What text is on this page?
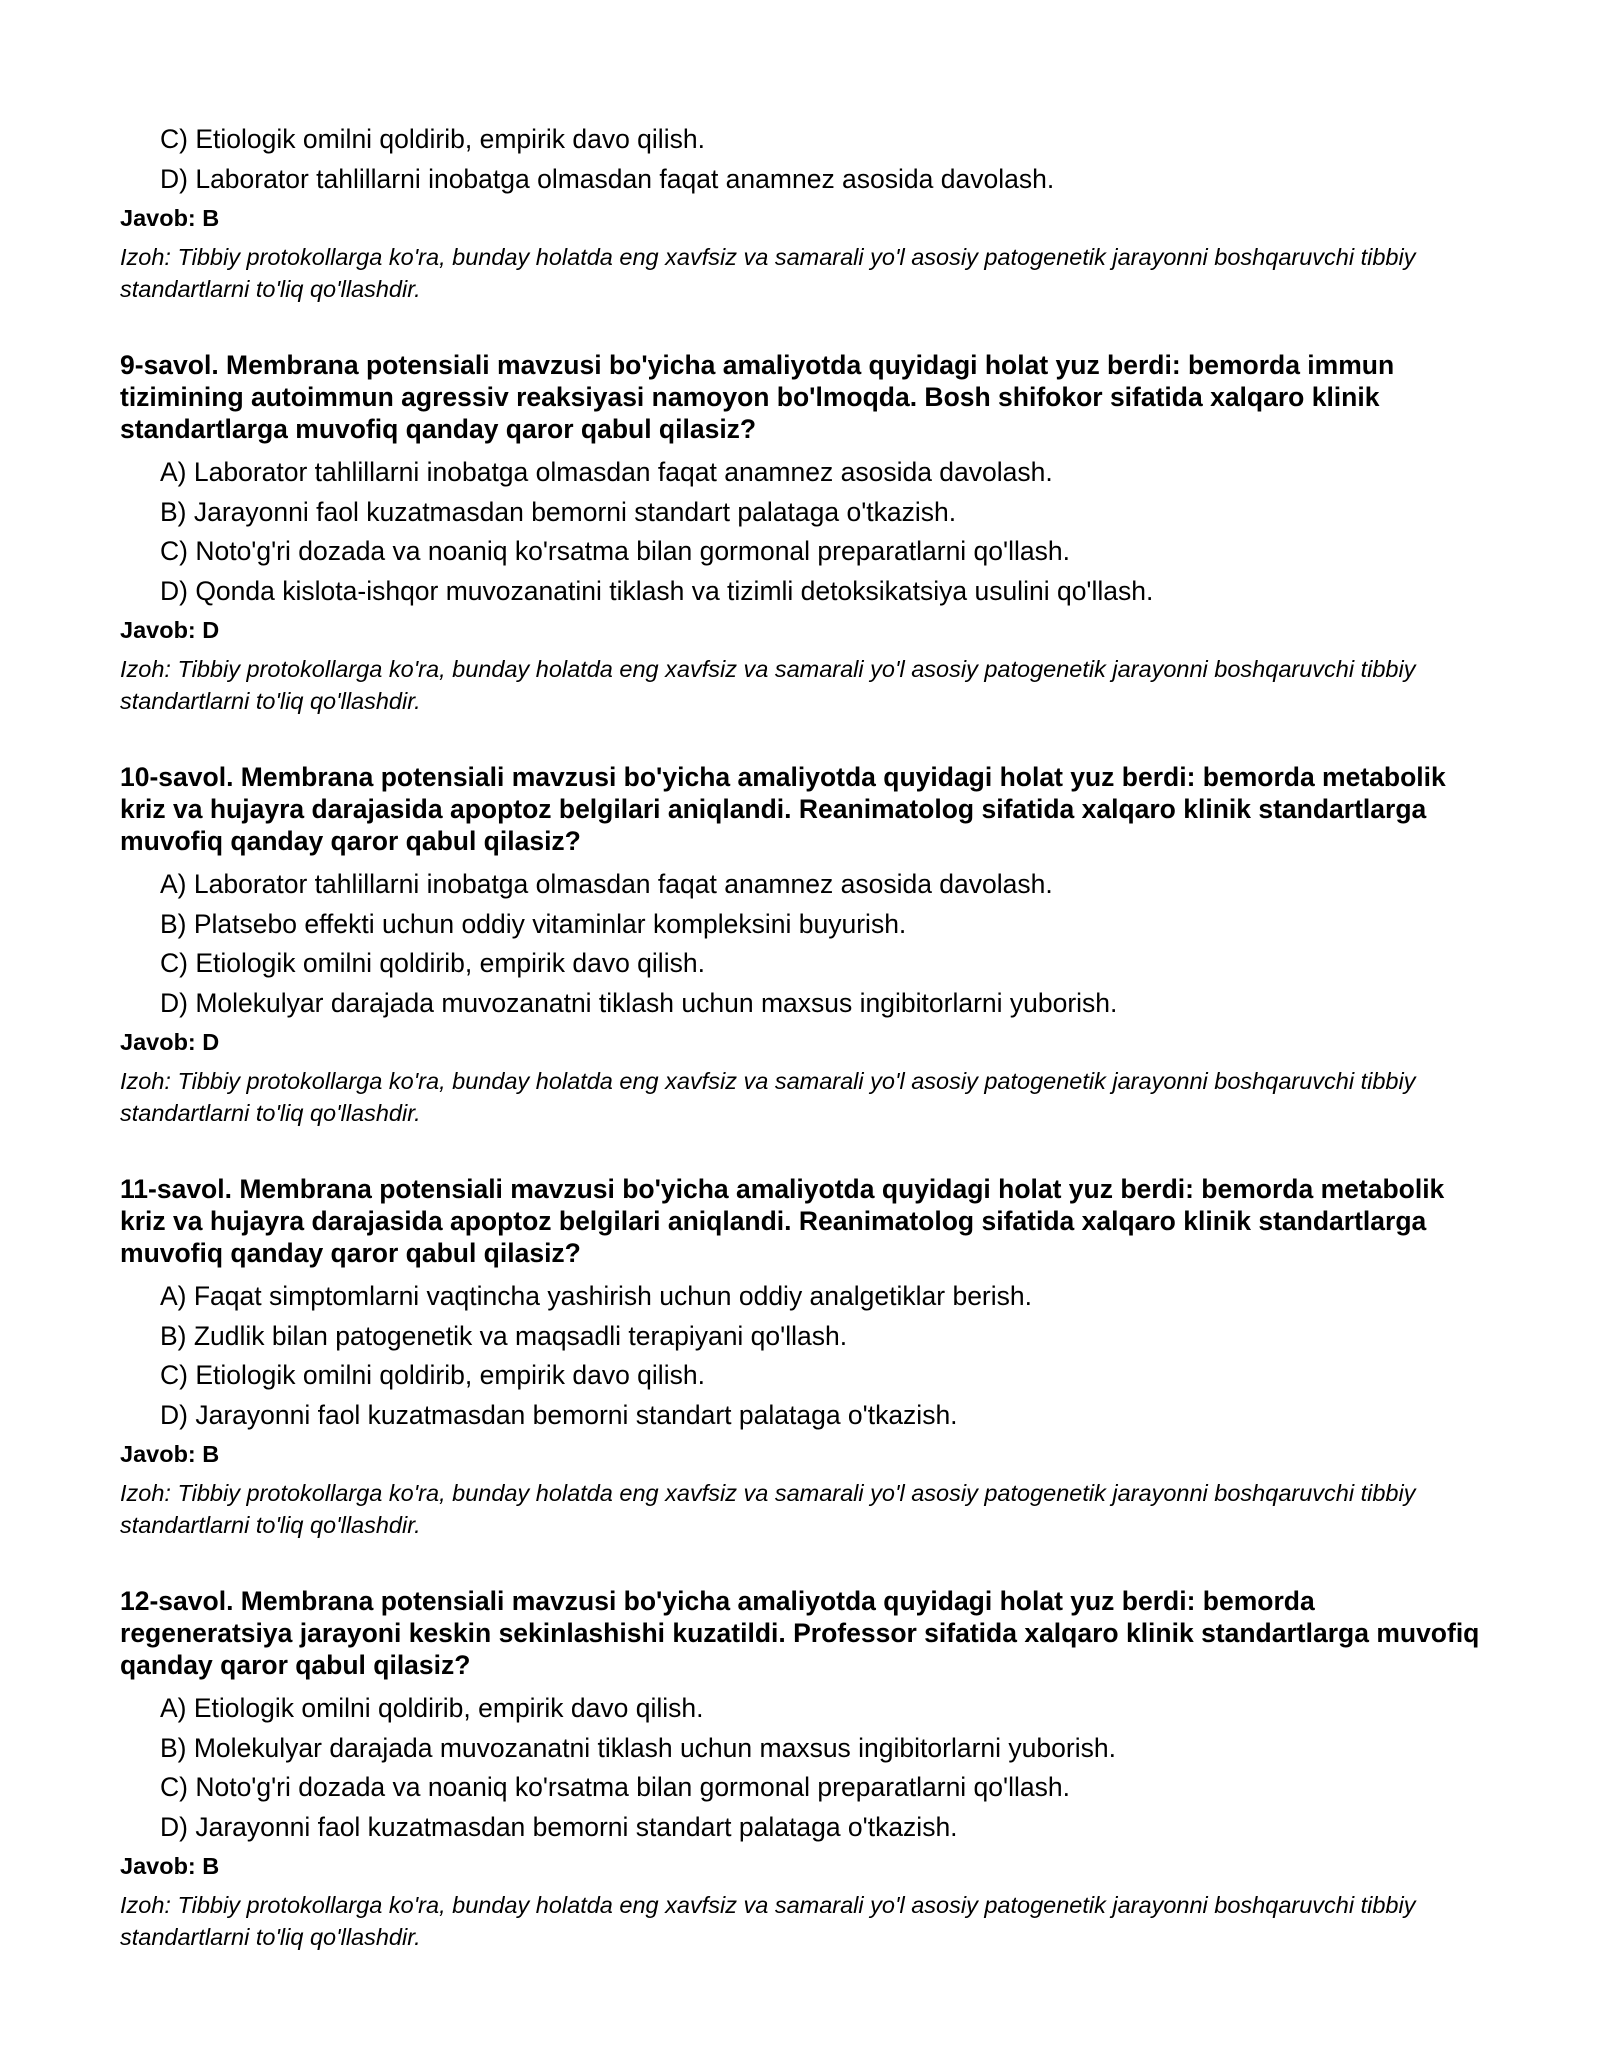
C) Etiologik omilni qoldirib, empirik davo qilish.
D) Laborator tahlillarni inobatga olmasdan faqat anamnez asosida davolash.
Javob: B
Izoh: Tibbiy protokollarga ko'ra, bunday holatda eng xavfsiz va samarali yo'l asosiy patogenetik jarayonni boshqaruvchi tibbiy standartlarni to'liq qo'llashdir.
9-savol. Membrana potensiali mavzusi bo'yicha amaliyotda quyidagi holat yuz berdi: bemorda immun tizimining autoimmun agressiv reaksiyasi namoyon bo'lmoqda. Bosh shifokor sifatida xalqaro klinik standartlarga muvofiq qanday qaror qabul qilasiz?
A) Laborator tahlillarni inobatga olmasdan faqat anamnez asosida davolash.
B) Jarayonni faol kuzatmasdan bemorni standart palataga o'tkazish.
C) Noto'g'ri dozada va noaniq ko'rsatma bilan gormonal preparatlarni qo'llash.
D) Qonda kislota-ishqor muvozanatini tiklash va tizimli detoksikatsiya usulini qo'llash.
Javob: D
Izoh: Tibbiy protokollarga ko'ra, bunday holatda eng xavfsiz va samarali yo'l asosiy patogenetik jarayonni boshqaruvchi tibbiy standartlarni to'liq qo'llashdir.
10-savol. Membrana potensiali mavzusi bo'yicha amaliyotda quyidagi holat yuz berdi: bemorda metabolik kriz va hujayra darajasida apoptoz belgilari aniqlandi. Reanimatolog sifatida xalqaro klinik standartlarga muvofiq qanday qaror qabul qilasiz?
A) Laborator tahlillarni inobatga olmasdan faqat anamnez asosida davolash.
B) Platsebo effekti uchun oddiy vitaminlar kompleksini buyurish.
C) Etiologik omilni qoldirib, empirik davo qilish.
D) Molekulyar darajada muvozanatni tiklash uchun maxsus ingibitorlarni yuborish.
Javob: D
Izoh: Tibbiy protokollarga ko'ra, bunday holatda eng xavfsiz va samarali yo'l asosiy patogenetik jarayonni boshqaruvchi tibbiy standartlarni to'liq qo'llashdir.
11-savol. Membrana potensiali mavzusi bo'yicha amaliyotda quyidagi holat yuz berdi: bemorda metabolik kriz va hujayra darajasida apoptoz belgilari aniqlandi. Reanimatolog sifatida xalqaro klinik standartlarga muvofiq qanday qaror qabul qilasiz?
A) Faqat simptomlarni vaqtincha yashirish uchun oddiy analgetiklar berish.
B) Zudlik bilan patogenetik va maqsadli terapiyani qo'llash.
C) Etiologik omilni qoldirib, empirik davo qilish.
D) Jarayonni faol kuzatmasdan bemorni standart palataga o'tkazish.
Javob: B
Izoh: Tibbiy protokollarga ko'ra, bunday holatda eng xavfsiz va samarali yo'l asosiy patogenetik jarayonni boshqaruvchi tibbiy standartlarni to'liq qo'llashdir.
12-savol. Membrana potensiali mavzusi bo'yicha amaliyotda quyidagi holat yuz berdi: bemorda regeneratsiya jarayoni keskin sekinlashishi kuzatildi. Professor sifatida xalqaro klinik standartlarga muvofiq qanday qaror qabul qilasiz?
A) Etiologik omilni qoldirib, empirik davo qilish.
B) Molekulyar darajada muvozanatni tiklash uchun maxsus ingibitorlarni yuborish.
C) Noto'g'ri dozada va noaniq ko'rsatma bilan gormonal preparatlarni qo'llash.
D) Jarayonni faol kuzatmasdan bemorni standart palataga o'tkazish.
Javob: B
Izoh: Tibbiy protokollarga ko'ra, bunday holatda eng xavfsiz va samarali yo'l asosiy patogenetik jarayonni boshqaruvchi tibbiy standartlarni to'liq qo'llashdir.
